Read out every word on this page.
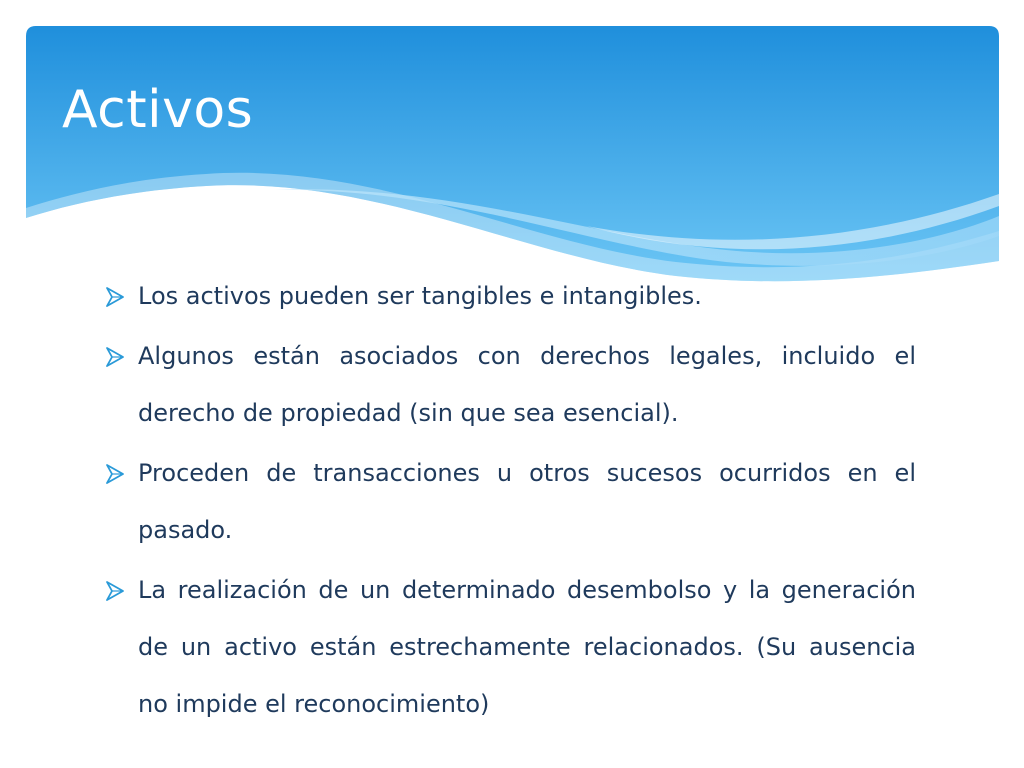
Activos
Los activos pueden ser tangibles e intangibles.
Algunos están asociados con derechos legales, incluido el derecho de propiedad (sin que sea esencial).
Proceden de transacciones u otros sucesos ocurridos en el pasado.
La realización de un determinado desembolso y la generación de un activo están estrechamente relacionados. (Su ausencia no impide el reconocimiento)
